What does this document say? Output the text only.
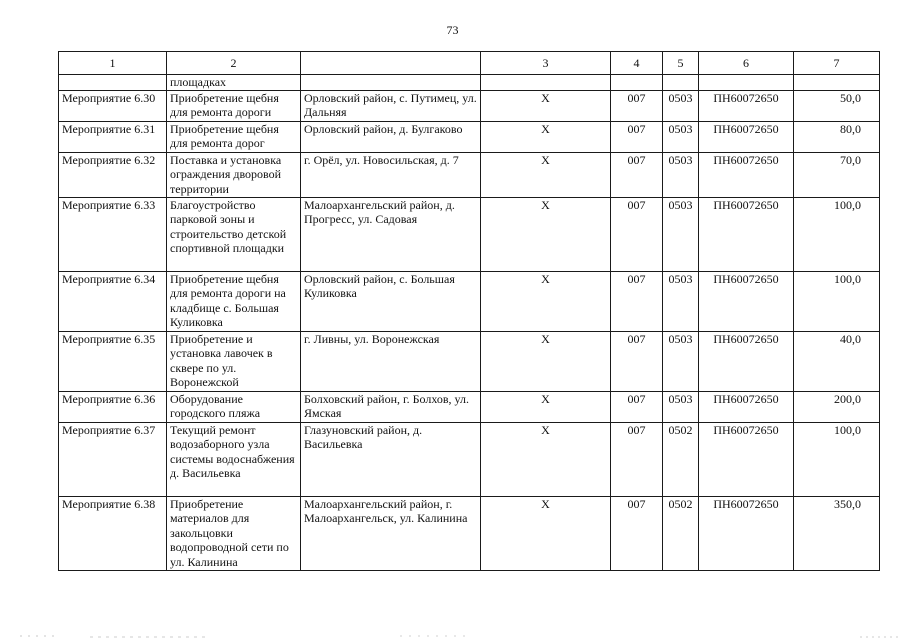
73
1	2		3	4	5	6	7
	площадках						
Мероприятие 6.30	Приобретение щебня для ремонта дороги	Орловский район, с. Путимец, ул. Дальняя	Х	007	0503	ПН60072650	50,0
Мероприятие 6.31	Приобретение щебня для ремонта дорог	Орловский район, д. Булгаково	Х	007	0503	ПН60072650	80,0
Мероприятие 6.32	Поставка и установка ограждения дворовой территории	г. Орёл, ул. Новосильская, д. 7	Х	007	0503	ПН60072650	70,0
Мероприятие 6.33	Благоустройство парковой зоны и строительство детской спортивной площадки	Малоархангельский район, д. Прогресс, ул. Садовая	Х	007	0503	ПН60072650	100,0
Мероприятие 6.34	Приобретение щебня для ремонта дороги на кладбище с. Большая Куликовка	Орловский район, с. Большая Куликовка	Х	007	0503	ПН60072650	100,0
Мероприятие 6.35	Приобретение и установка лавочек в сквере по ул. Воронежской	г. Ливны, ул. Воронежская	Х	007	0503	ПН60072650	40,0
Мероприятие 6.36	Оборудование городского пляжа	Болховский район, г. Болхов, ул. Ямская	Х	007	0503	ПН60072650	200,0
Мероприятие 6.37	Текущий ремонт водозаборного узла системы водоснабжения д. Васильевка	Глазуновский район, д. Васильевка	Х	007	0502	ПН60072650	100,0
Мероприятие 6.38	Приобретение материалов для закольцовки водопроводной сети по ул. Калинина	Малоархангельский район, г. Малоархангельск, ул. Калинина	Х	007	0502	ПН60072650	350,0
